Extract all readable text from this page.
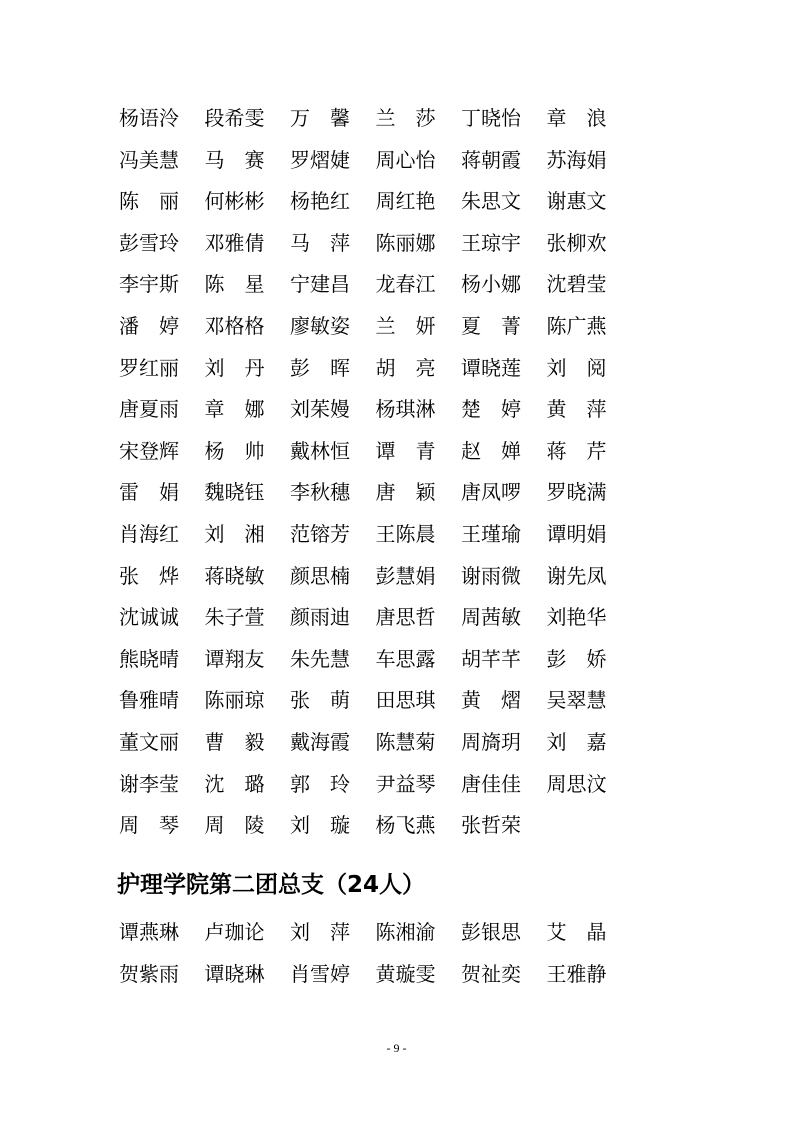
杨语泠	段希雯	万　馨	兰　莎	丁晓怡	章　浪
冯美慧	马　赛	罗熠婕	周心怡	蒋朝霞	苏海娟
陈　丽	何彬彬	杨艳红	周红艳	朱思文	谢惠文
彭雪玲	邓雅倩	马　萍	陈丽娜	王琼宇	张柳欢
李宇斯	陈　星	宁建昌	龙春江	杨小娜	沈碧莹
潘　婷	邓格格	廖敏姿	兰　妍	夏　菁	陈广燕
罗红丽	刘　丹	彭　晖	胡　亮	谭晓莲	刘　阅
唐夏雨	章　娜	刘茱嫚	杨琪淋	楚　婷	黄　萍
宋登辉	杨　帅	戴林恒	谭　青	赵　婵	蒋　芹
雷　娟	魏晓钰	李秋穗	唐　颖	唐凤啰	罗晓满
肖海红	刘　湘	范镕芳	王陈晨	王瑾瑜	谭明娟
张　烨	蒋晓敏	颜思楠	彭慧娟	谢雨微	谢先凤
沈诚诚	朱子萱	颜雨迪	唐思哲	周茜敏	刘艳华
熊晓晴	谭翔友	朱先慧	车思露	胡芊芊	彭　娇
鲁雅晴	陈丽琼	张　萌	田思琪	黄　熠	吴翠慧
董文丽	曹　毅	戴海霞	陈慧菊	周旖玥	刘　嘉
谢李莹	沈　璐	郭　玲	尹益琴	唐佳佳	周思汶
周　琴	周　陵	刘　璇	杨飞燕	张哲荣
护理学院第二团总支（24人）
谭燕琳	卢珈论	刘　萍	陈湘渝	彭银思	艾　晶
贺紫雨	谭晓琳	肖雪婷	黄璇雯	贺祉奕	王雅静
- 9 -
